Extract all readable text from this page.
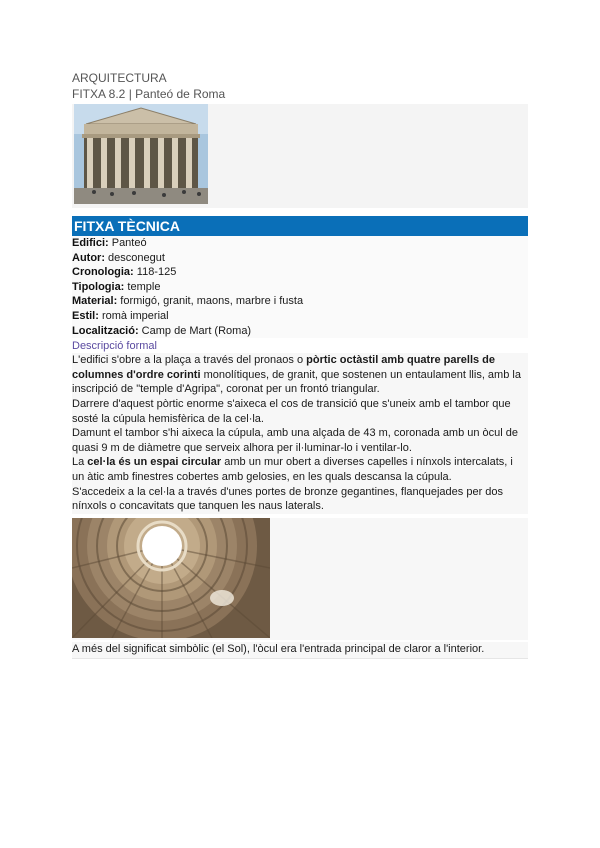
ARQUITECTURA
FITXA 8.2 | Panteó de Roma
FITXA TÈCNICA
Edifici: Panteó
Autor: desconegut
Cronologia: 118-125
Tipologia: temple
Material: formigó, granit, maons, marbre i fusta
Estil: romà imperial
Localització: Camp de Mart (Roma)
Descripció formal
L'edifici s'obre a la plaça a través del pronaos o pòrtic octàstil amb quatre parells de columnes d'ordre corinti monolítiques, de granit, que sostenen un entaulament llis, amb la inscripció de "temple d'Agripa", coronat per un frontó triangular.
Darrere d'aquest pòrtic enorme s'aixeca el cos de transició que s'uneix amb el tambor que sosté la cúpula hemisfèrica de la cel·la.
Damunt el tambor s'hi aixeca la cúpula, amb una alçada de 43 m, coronada amb un òcul de quasi 9 m de diàmetre que serveix alhora per il·luminar-lo i ventilar-lo.
La cel·la és un espai circular amb un mur obert a diverses capelles i nínxols intercalats, i un àtic amb finestres cobertes amb gelosies, en les quals descansa la cúpula.
S'accedeix a la cel·la a través d'unes portes de bronze gegantines, flanquejades per dos nínxols o concavitats que tanquen les naus laterals.
A més del significat simbòlic (el Sol), l'òcul era l'entrada principal de claror a l'interior.
